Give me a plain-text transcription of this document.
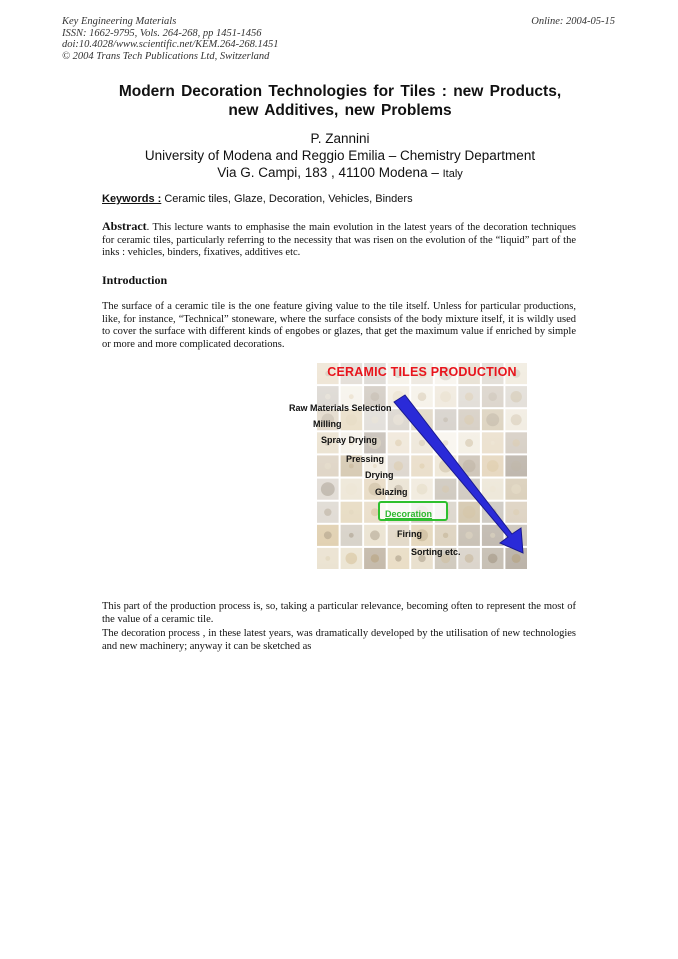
Key Engineering Materials
ISSN: 1662-9795, Vols. 264-268, pp 1451-1456
doi:10.4028/www.scientific.net/KEM.264-268.1451
© 2004 Trans Tech Publications Ltd, Switzerland
Online: 2004-05-15
Modern Decoration Technologies for Tiles : new Products,
new Additives, new Problems
P. Zannini
University of Modena and Reggio Emilia – Chemistry Department
Via G. Campi, 183 , 41100 Modena – Italy
Keywords : Ceramic tiles, Glaze, Decoration, Vehicles, Binders
Abstract. This lecture wants to emphasise the main evolution in the latest years of the decoration techniques for ceramic tiles, particularly referring to the necessity that was risen on the evolution of the “liquid” part of the inks : vehicles, binders, fixatives, additives etc.
Introduction
The surface of a ceramic tile is the one feature giving value to the tile itself. Unless for particular productions, like, for instance, “Technical” stoneware, where the surface consists of the body mixture itself, it is wildly used to cover the surface with different kinds of engobes or glazes, that get the maximum value if enriched by simple or more and more complicated decorations.
CERAMIC TILES PRODUCTION
Raw Materials Selection
Milling
Spray Drying
Pressing
Drying
Glazing
Decoration
Firing
Sorting etc.
This part of the production process is, so, taking a particular relevance, becoming often to represent the most of the value of a ceramic tile.
The decoration process , in these latest years, was dramatically developed by the utilisation of new technologies and new machinery; anyway it can be sketched as
